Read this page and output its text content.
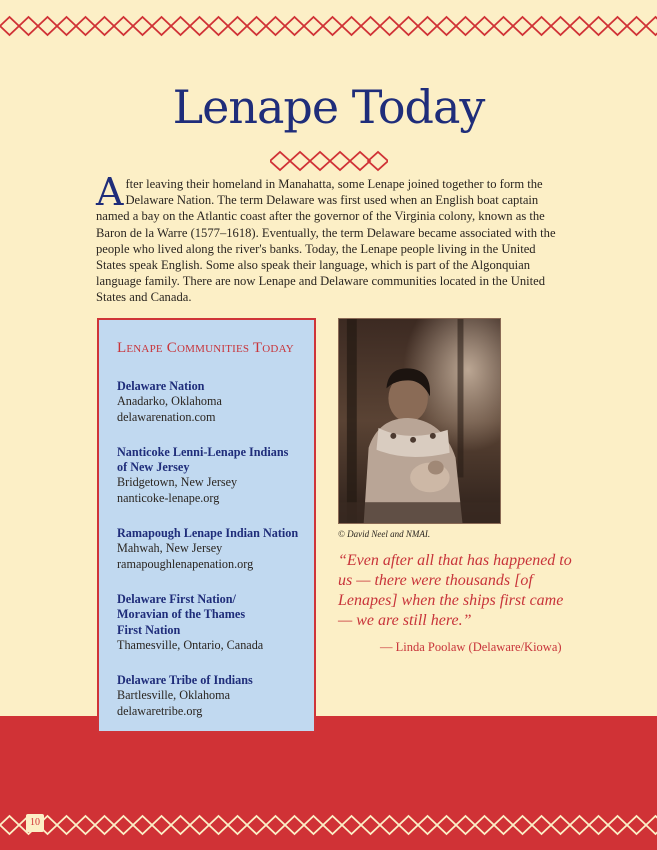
Lenape Today

After leaving their homeland in Manahatta, some Lenape joined together to form the Delaware Nation. The term Delaware was first used when an English boat captain named a bay on the Atlantic coast after the governor of the Virginia colony, known as the Baron de la Warre (1577–1618). Eventually, the term Delaware became associated with the people who lived along the river's banks. Today, the Lenape people living in the United States speak English. Some also speak their language, which is part of the Algonquian language family. There are now Lenape and Delaware communities located in the United States and Canada.

10
Lenape Communities Today
Delaware Nation
Anadarko, Oklahoma
delawarenation.com
Nanticoke Lenni-Lenape Indians
of New Jersey
Bridgetown, New Jersey
nanticoke-lenape.org
Ramapough Lenape Indian Nation
Mahwah, New Jersey
ramapoughlenapenation.org
Delaware First Nation/
Moravian of the Thames
First Nation
Thamesville, Ontario, Canada
Delaware Tribe of Indians
Bartlesville, Oklahoma
delawaretribe.org
© David Neel and NMAI.

“Even after all that has happened to us — there were thousands [of Lenapes] when the ships first came — we are still here.”

— Linda Poolaw (Delaware/Kiowa)
